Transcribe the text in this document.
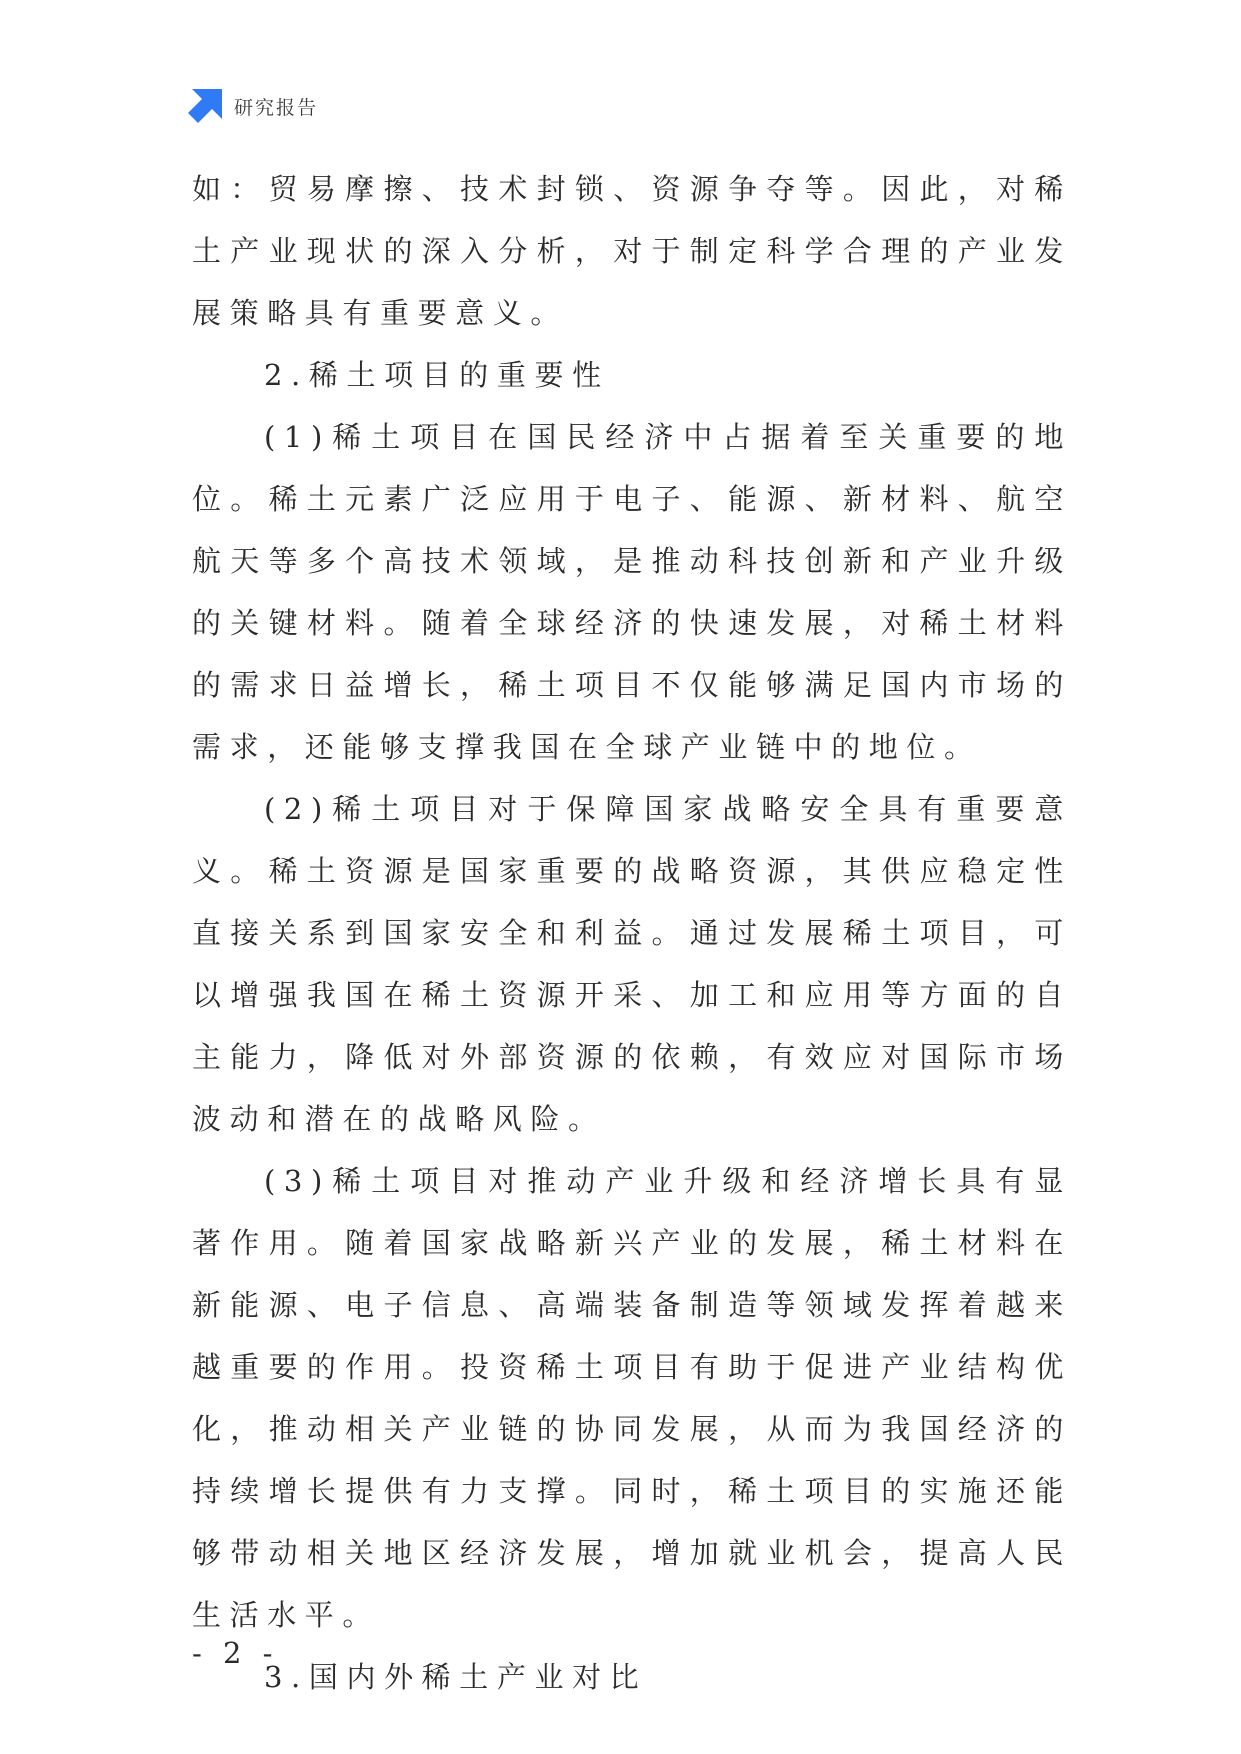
研究报告

如：贸易摩擦、技术封锁、资源争夺等。因此，对稀土产业现状的深入分析，对于制定科学合理的产业发展策略具有重要意义。

2.稀土项目的重要性

(1)稀土项目在国民经济中占据着至关重要的地位。稀土元素广泛应用于电子、能源、新材料、航空航天等多个高技术领域，是推动科技创新和产业升级的关键材料。随着全球经济的快速发展，对稀土材料的需求日益增长，稀土项目不仅能够满足国内市场的需求，还能够支撑我国在全球产业链中的地位。

(2)稀土项目对于保障国家战略安全具有重要意义。稀土资源是国家重要的战略资源，其供应稳定性直接关系到国家安全和利益。通过发展稀土项目，可以增强我国在稀土资源开采、加工和应用等方面的自主能力，降低对外部资源的依赖，有效应对国际市场波动和潜在的战略风险。

(3)稀土项目对推动产业升级和经济增长具有显著作用。随着国家战略新兴产业的发展，稀土材料在新能源、电子信息、高端装备制造等领域发挥着越来越重要的作用。投资稀土项目有助于促进产业结构优化，推动相关产业链的协同发展，从而为我国经济的持续增长提供有力支撑。同时，稀土项目的实施还能够带动相关地区经济发展，增加就业机会，提高人民生活水平。

3.国内外稀土产业对比

- 2 -
